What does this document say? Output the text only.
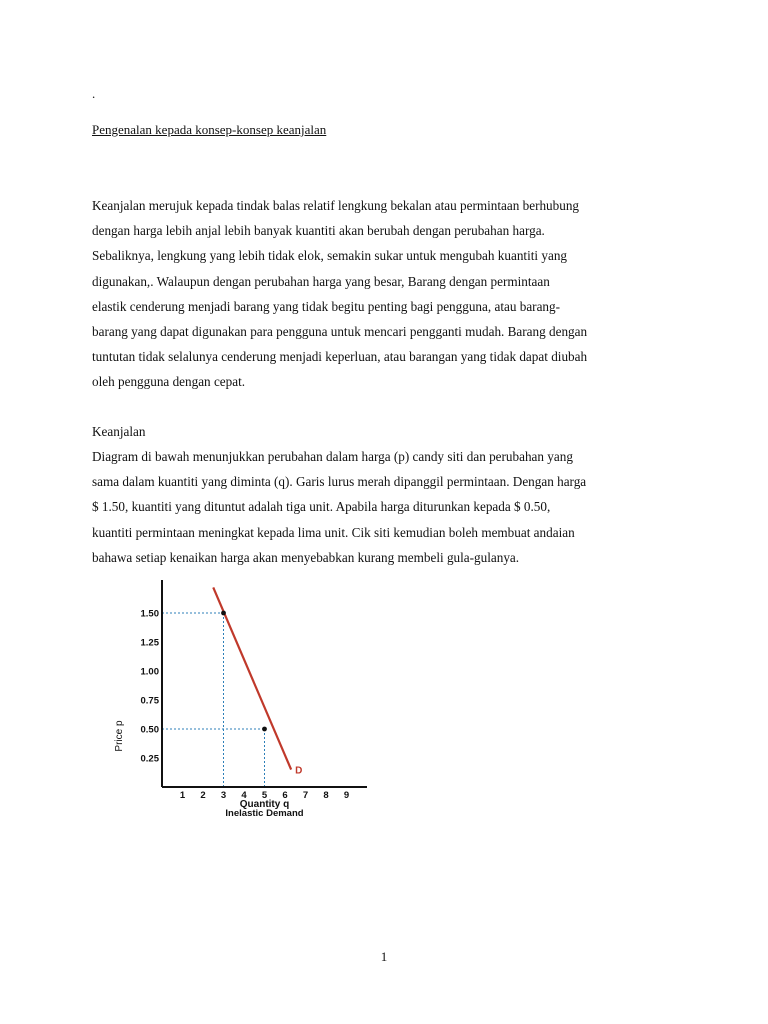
.
Pengenalan kepada konsep-konsep keanjalan
Keanjalan merujuk kepada tindak balas relatif lengkung bekalan atau permintaan berhubung
dengan harga lebih anjal lebih banyak kuantiti akan berubah dengan perubahan harga.
Sebaliknya, lengkung yang lebih tidak elok, semakin sukar untuk mengubah kuantiti yang
digunakan,. Walaupun dengan perubahan harga yang besar, Barang dengan permintaan
elastik cenderung menjadi barang yang tidak begitu penting bagi pengguna, atau barang-
barang yang dapat digunakan para pengguna untuk mencari pengganti mudah. Barang dengan
tuntutan tidak selalunya cenderung menjadi keperluan, atau barangan yang tidak dapat diubah
oleh pengguna dengan cepat.
Keanjalan
Diagram di bawah menunjukkan perubahan dalam harga (p) candy siti dan perubahan yang
sama dalam kuantiti yang diminta (q). Garis lurus merah dipanggil permintaan. Dengan harga
$ 1.50, kuantiti yang dituntut adalah tiga unit. Apabila harga diturunkan kepada $ 0.50,
kuantiti permintaan meningkat kepada lima unit. Cik siti kemudian boleh membuat andaian
bahawa setiap kenaikan harga akan menyebabkan kurang membeli gula-gulanya.
0.25
0.50
0.75
1.00
1.25
1.50
1 2 3 4 5 6 7 8 9
D
Price p
Quantity q
Inelastic Demand
1
